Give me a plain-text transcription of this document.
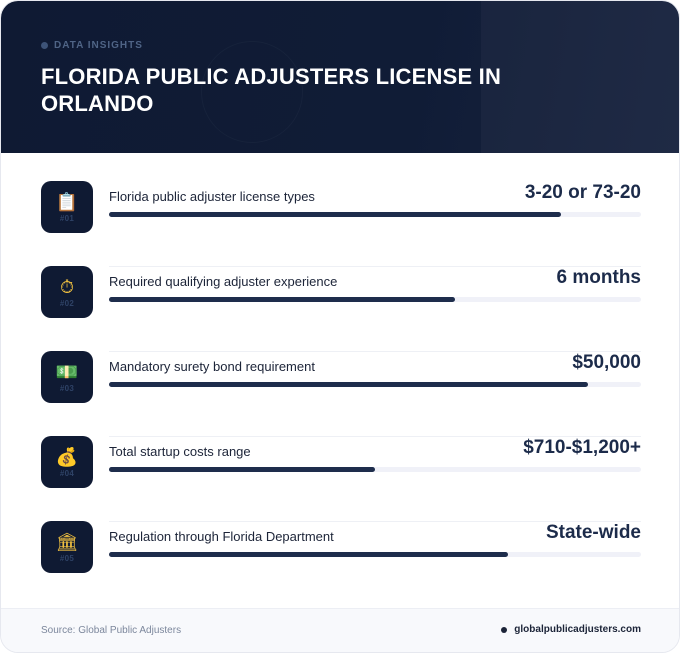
DATA INSIGHTS
FLORIDA PUBLIC ADJUSTERS LICENSE IN ORLANDO
📋
#01
Florida public adjuster license types	3-20 or 73-20
⏱
#02
Required qualifying adjuster experience	6 months
💵
#03
Mandatory surety bond requirement	$50,000
💰
#04
Total startup costs range	$710-$1,200+
🏛
#05
Regulation through Florida Department	State-wide
Source: Global Public Adjusters	globalpublicadjusters.com
